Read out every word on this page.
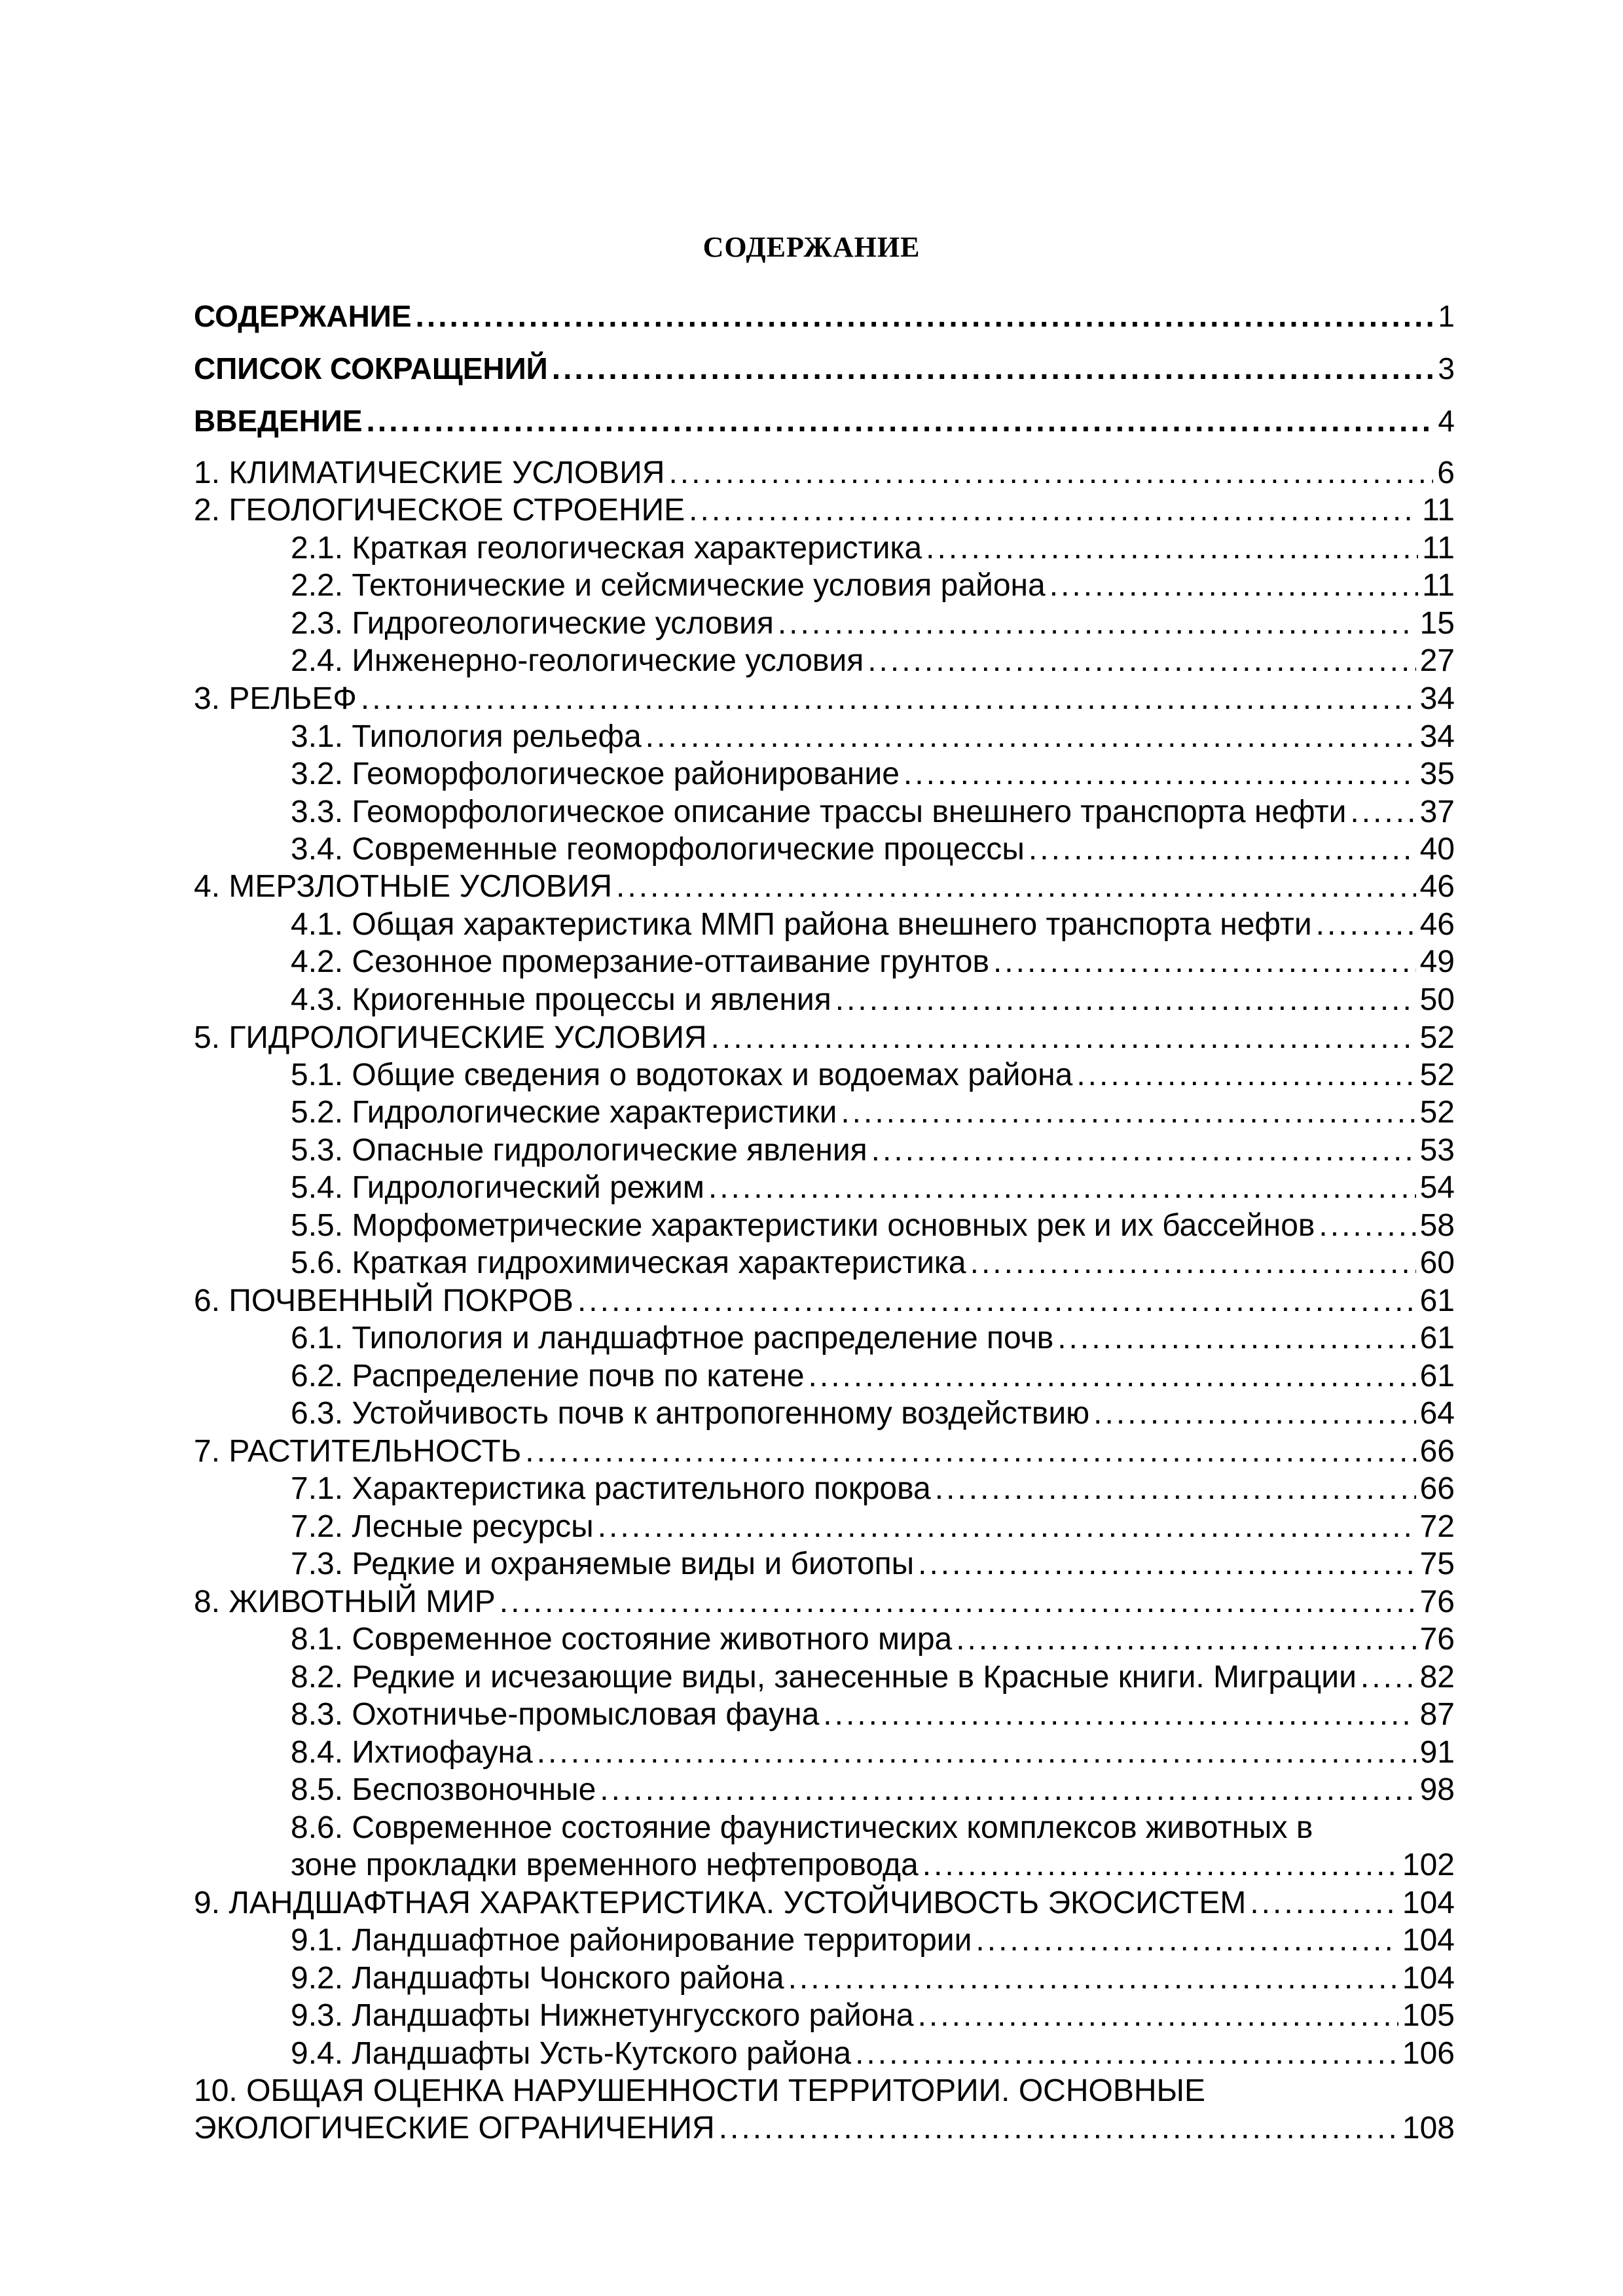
СОДЕРЖАНИЕ
СОДЕРЖАНИЕ .....	1
СПИСОК СОКРАЩЕНИЙ .....	3
ВВЕДЕНИЕ .....	4
1. КЛИМАТИЧЕСКИЕ УСЛОВИЯ .....	6
2. ГЕОЛОГИЧЕСКОЕ СТРОЕНИЕ .....	11
2.1. Краткая геологическая характеристика .....	11
2.2. Тектонические и сейсмические условия района .....	11
2.3. Гидрогеологические условия .....	15
2.4. Инженерно-геологические условия .....	27
3. РЕЛЬЕФ .....	34
3.1. Типология рельефа .....	34
3.2. Геоморфологическое районирование .....	35
3.3. Геоморфологическое описание трассы внешнего транспорта нефти ..... 37
3.4. Современные геоморфологические процессы .....	40
4. МЕРЗЛОТНЫЕ УСЛОВИЯ .....	46
4.1. Общая характеристика ММП района внешнего транспорта нефти .....	46
4.2. Сезонное промерзание-оттаивание грунтов .....	49
4.3. Криогенные процессы и явления .....	50
5. ГИДРОЛОГИЧЕСКИЕ УСЛОВИЯ .....	52
5.1. Общие сведения о водотоках и водоемах района .....	52
5.2. Гидрологические характеристики .....	52
5.3. Опасные гидрологические явления .....	53
5.4. Гидрологический режим .....	54
5.5. Морфометрические характеристики основных рек и их бассейнов .....	58
5.6. Краткая гидрохимическая характеристика .....	60
6. ПОЧВЕННЫЙ ПОКРОВ .....	61
6.1. Типология и ландшафтное распределение почв .....	61
6.2. Распределение почв по катене .....	61
6.3. Устойчивость почв к антропогенному воздействию .....	64
7. РАСТИТЕЛЬНОСТЬ .....	66
7.1. Характеристика растительного покрова .....	66
7.2. Лесные ресурсы .....	72
7.3. Редкие и охраняемые виды и биотопы .....	75
8. ЖИВОТНЫЙ МИР .....	76
8.1. Современное состояние животного мира .....	76
8.2. Редкие и исчезающие виды, занесенные в Красные книги. Миграции ..... 82
8.3. Охотничье-промысловая фауна .....	87
8.4. Ихтиофауна .....	91
8.5. Беспозвоночные .....	98
8.6. Современное состояние фаунистических комплексов животных в
зоне прокладки временного нефтепровода .....	102
9. ЛАНДШАФТНАЯ ХАРАКТЕРИСТИКА. УСТОЙЧИВОСТЬ ЭКОСИСТЕМ .....	104
9.1. Ландшафтное районирование территории .....	104
9.2. Ландшафты Чонского района .....	104
9.3. Ландшафты Нижнетунгусского района .....	105
9.4. Ландшафты Усть-Кутского района .....	106
10. ОБЩАЯ ОЦЕНКА НАРУШЕННОСТИ ТЕРРИТОРИИ. ОСНОВНЫЕ
ЭКОЛОГИЧЕСКИЕ ОГРАНИЧЕНИЯ .....	108
